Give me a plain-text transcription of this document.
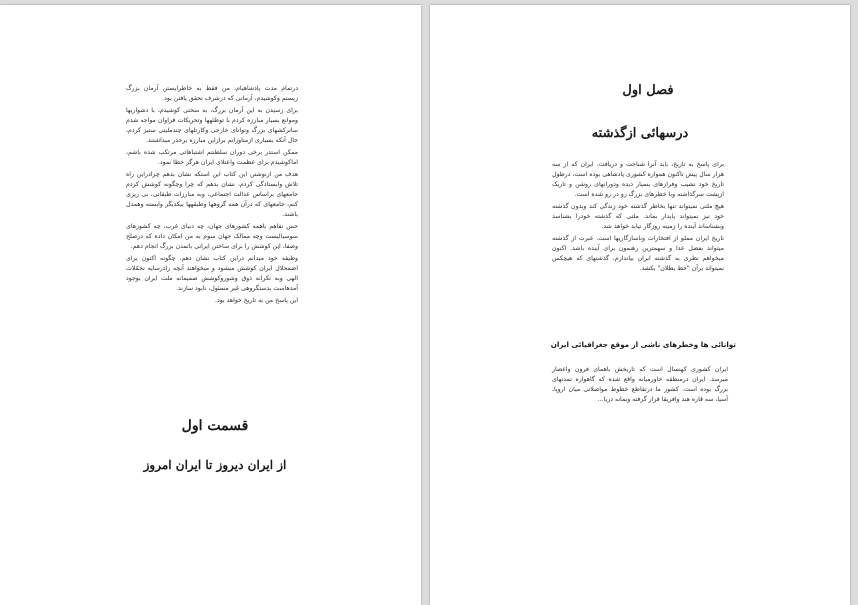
درتمام مدت پادشاهیام، من فقط به خاطرایستن آرمان بزرگ زیستم وکوشیدم، آرمانی که درشرف تحقق یافتن بود.

برای رسیدن به این آرمان بزرگ، به سختی کوشیدم، با دشواریها وموانع بسیار مبارزه کردم با توطئهها وتحریکات فراوان مواجه شدم ساترکشهای بزرگ وتوانای خارجی وکارتلهای چندملیتی ستیز کردم، حال آنکه بسیاری ازمتاوزانم برازاین مبارزه برحذر میداشتند.

ممکن استدر برخی دوران سلطنتم اشتباهاتی مرتکب شده باشم، اماکوشیدم برای عظمت واعتلای ایران هرگز خطا نمود.

هدف من ازنوشتن این کتاب این استکه نشان بدهم چرادراین راه تلاش وایستادگی کردم، نشان بدهم که چرا وچگونه کوشش کردم جامعهای براساس عدالت اجتماعی، وبه مبارزات طبقاتی، بی ریزی کنم، جامعهای که درآن همه گروهها وطبقهها بیکدیگر وابسته وهمدل باشند.

حس تفاهم باهمه کشورهای جهان، چه دنیای غرب، چه کشورهای سوسیالیست وچه ممالک جهان سوم به من امکان داده که درصلح وصفا، این کوشش را برای ساختن ایرانی باتمدن بزرگ انجام دهم.

وظیفه خود میدانم دراین کتاب نشان دهم، چگونه اکنون برای اضمحلال ایران کوشش میشود و میخواهند آنچه رادرسایه تحمّلات الهی وبه تکرانه ذوق وشوروکوشش صمیمانه ملت ایران بوجود آمدهاست بدستگروهی غیر مسئول، نابود سازند.

این پاسخ من به تاریخ خواهد بود.

قسمت اول
از ایران دیروز تا ایران امروز
فصل اول
درسهائی ازگذشته

برای پاسخ به تاریخ، باید آنرا شناخت و دریافت. ایران که از سه هزار سال پیش تاکنون همواره کشوری پادشاهی بوده است، درطول تاریخ خود نشیب وفرازهای بسیار دیده ودورانهای روشن و تاریک ازپشت سرگذاشته وبا خطرهای بزرگ رو در رو شده است.

هیچ ملتی نمیتواند تنها بخاطر گذشته خود زندگی کند وبدون گذشته خود نیز نمیتواند پایدار بماند. ملتی که گذشته خودرا بشناسد وبشناساند آینده را زمینه روزگار نیابد خواهد شد.

تاریخ ایران مملو از افتخارات وناسازگاریها است. عبرت از گذشته میتواند بفضل عدا و سهمترین رهنمون برای آینده باشد. اکنون میخواهم نظری به گذشته ایران بیاندازم، گذشتهای که هیچکس نمیتواند برآن "خط بطلان" بکشد.

توانائی ها وخطرهای ناشی از موقع جغرافیائی ایران

ایران کشوری کهنسال است که تاریخش باهمای فرون واعصار میرسد. ایران درمنطقه خاورمیانه واقع شده که گاهواره تمدنهای بزرگ بوده است. کشور ما درتقاطع خطوط مواصلاتی میان اروپا، آسیا، سه قاره هند وافریقا قرار گرفته وبمانه دریا...
